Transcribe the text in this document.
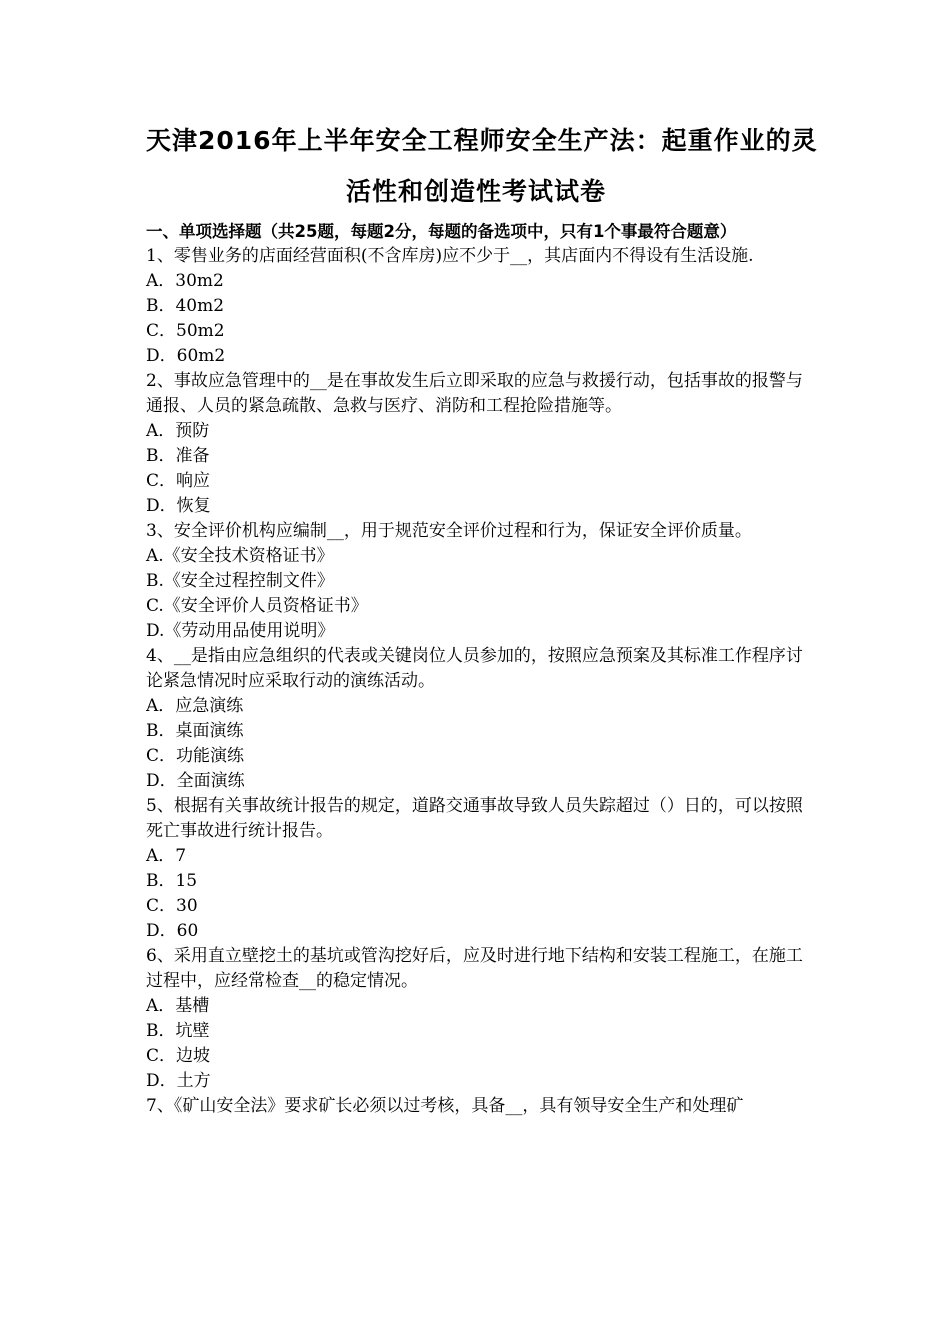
天津2016年上半年安全工程师安全生产法：起重作业的灵
活性和创造性考试试卷
一、单项选择题（共25题，每题2分，每题的备选项中，只有1个事最符合题意）
1、零售业务的店面经营面积(不含库房)应不少于__，其店面内不得设有生活设施.
A．30m2
B．40m2
C．50m2
D．60m2
2、事故应急管理中的__是在事故发生后立即采取的应急与救援行动，包括事故的报警与通报、人员的紧急疏散、急救与医疗、消防和工程抢险措施等。
A．预防
B．准备
C．响应
D．恢复
3、安全评价机构应编制__，用于规范安全评价过程和行为，保证安全评价质量。
A.《安全技术资格证书》
B.《安全过程控制文件》
C.《安全评价人员资格证书》
D.《劳动用品使用说明》
4、__是指由应急组织的代表或关键岗位人员参加的，按照应急预案及其标准工作程序讨论紧急情况时应采取行动的演练活动。
A．应急演练
B．桌面演练
C．功能演练
D．全面演练
5、根据有关事故统计报告的规定，道路交通事故导致人员失踪超过（）日的，可以按照死亡事故进行统计报告。
A．7
B．15
C．30
D．60
6、采用直立壁挖土的基坑或管沟挖好后，应及时进行地下结构和安装工程施工，在施工过程中，应经常检查__的稳定情况。
A．基槽
B．坑壁
C．边坡
D．土方
7、《矿山安全法》要求矿长必须以过考核，具备__，具有领导安全生产和处理矿
